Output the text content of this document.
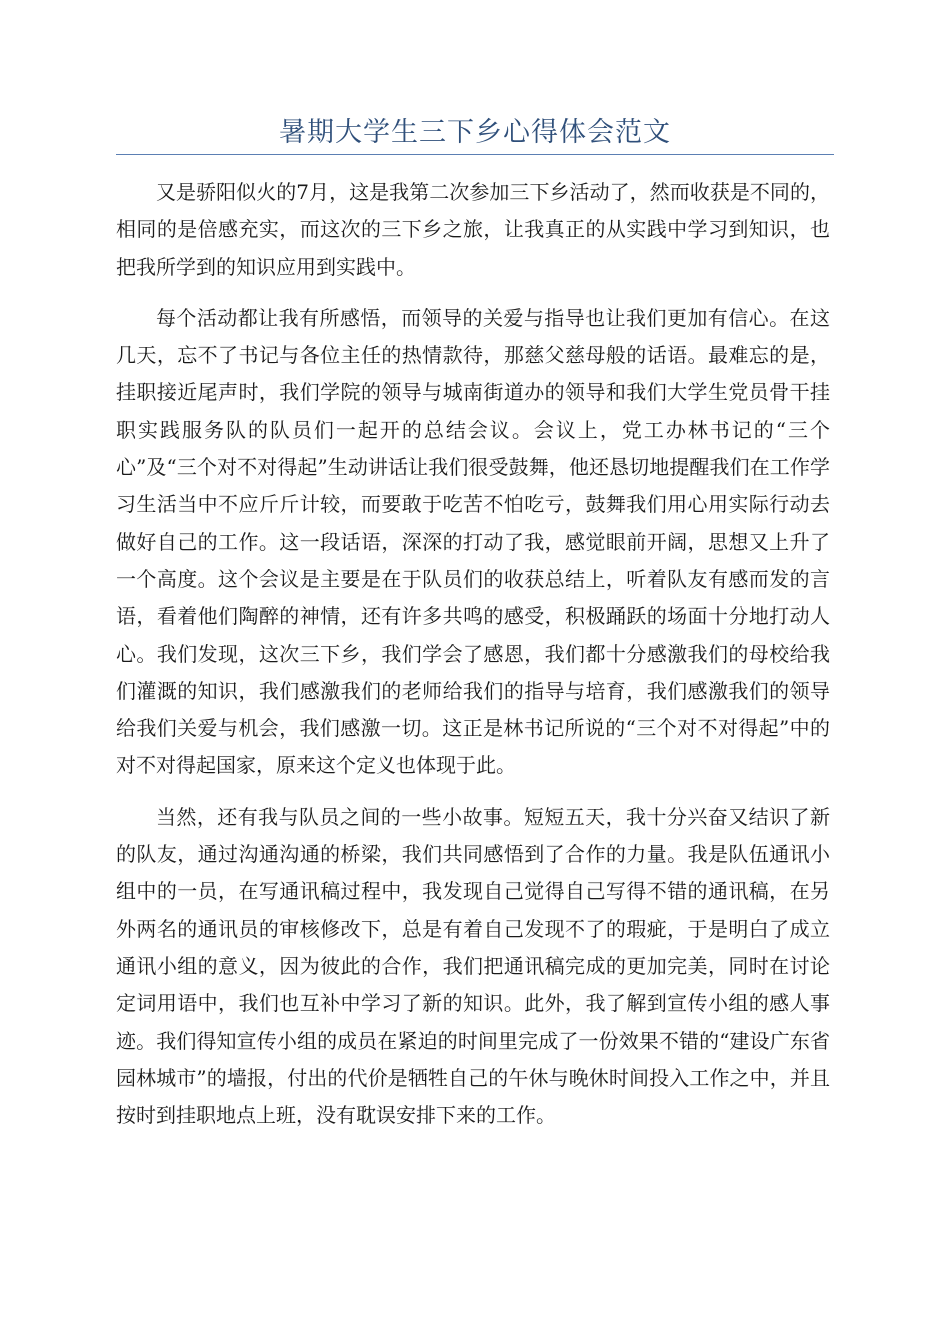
暑期大学生三下乡心得体会范文

又是骄阳似火的7月，这是我第二次参加三下乡活动了，然而收获是不同的，相同的是倍感充实，而这次的三下乡之旅，让我真正的从实践中学习到知识，也把我所学到的知识应用到实践中。

每个活动都让我有所感悟，而领导的关爱与指导也让我们更加有信心。在这几天，忘不了书记与各位主任的热情款待，那慈父慈母般的话语。最难忘的是，挂职接近尾声时，我们学院的领导与城南街道办的领导和我们大学生党员骨干挂职实践服务队的队员们一起开的总结会议。会议上，党工办林书记的“三个心”及“三个对不对得起”生动讲话让我们很受鼓舞，他还恳切地提醒我们在工作学习生活当中不应斤斤计较，而要敢于吃苦不怕吃亏，鼓舞我们用心用实际行动去做好自己的工作。这一段话语，深深的打动了我，感觉眼前开阔，思想又上升了一个高度。这个会议是主要是在于队员们的收获总结上，听着队友有感而发的言语，看着他们陶醉的神情，还有许多共鸣的感受，积极踊跃的场面十分地打动人心。我们发现，这次三下乡，我们学会了感恩，我们都十分感激我们的母校给我们灌溉的知识，我们感激我们的老师给我们的指导与培育，我们感激我们的领导给我们关爱与机会，我们感激一切。这正是林书记所说的“三个对不对得起”中的对不对得起国家，原来这个定义也体现于此。

当然，还有我与队员之间的一些小故事。短短五天，我十分兴奋又结识了新的队友，通过沟通沟通的桥梁，我们共同感悟到了合作的力量。我是队伍通讯小组中的一员，在写通讯稿过程中，我发现自己觉得自己写得不错的通讯稿，在另外两名的通讯员的审核修改下，总是有着自己发现不了的瑕疵，于是明白了成立通讯小组的意义，因为彼此的合作，我们把通讯稿完成的更加完美，同时在讨论定词用语中，我们也互补中学习了新的知识。此外，我了解到宣传小组的感人事迹。我们得知宣传小组的成员在紧迫的时间里完成了一份效果不错的“建设广东省园林城市”的墙报，付出的代价是牺牲自己的午休与晚休时间投入工作之中，并且按时到挂职地点上班，没有耽误安排下来的工作。
